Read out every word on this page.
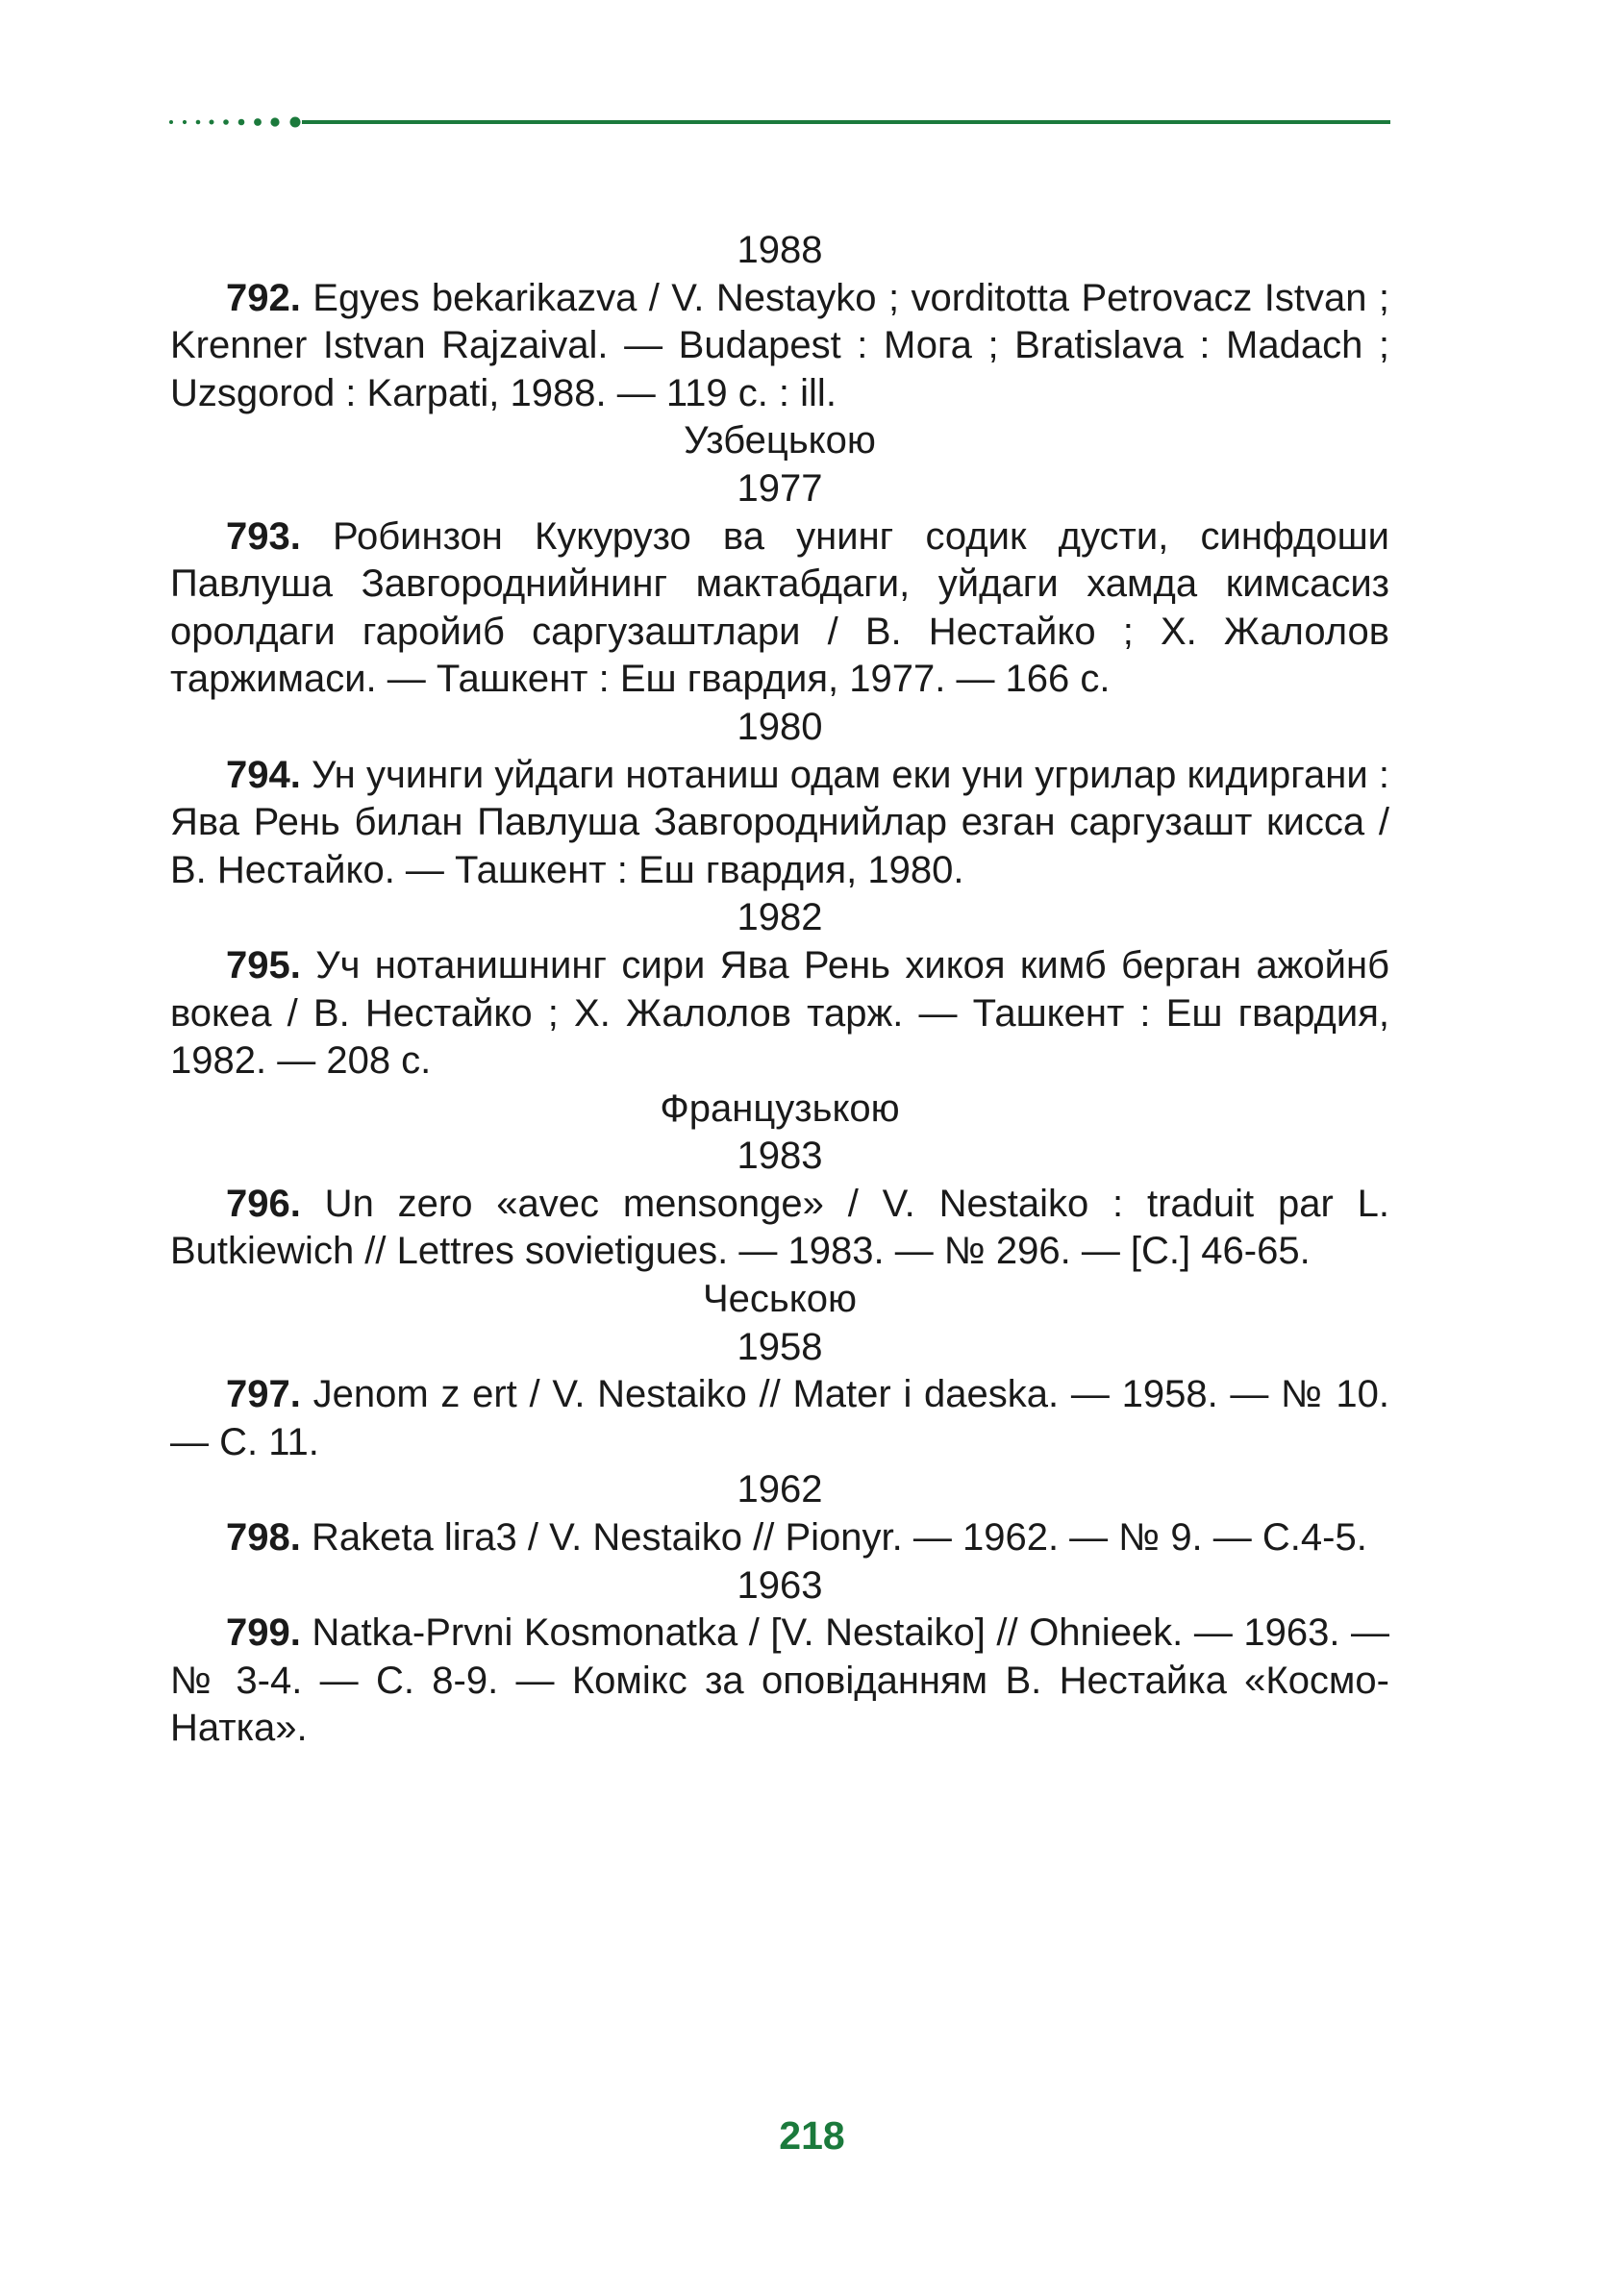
1988
792. Egyes bekarikazva / V. Nestayko ; vorditotta Petrovacz Istvan ; Krenner Istvan Rajzaival. — Вudapest : Мога ; Bratislava : Madach ; Uzsgorod : Karpati, 1988. — 119 с. : ill.
Узбецькою
1977
793. Робинзон Кукурузо ва унинг содик дусти, синфдоши Павлуша Завгороднийнинг мактабдаги, уйдаги хамда кимсасиз оролдаги гаройиб саргузаштлари / В. Нестайко ; Х. Жалолов таржимаси. — Ташкент : Еш гвардия, 1977. — 166 с.
1980
794. Ун учинги уйдаги нотаниш одам еки уни угрилар кидиргани : Ява Рень билан Павлуша Завгороднийлар езган саргузашт кисса / В. Нестайко. — Ташкент : Еш гвардия, 1980.
1982
795. Уч нотанишнинг сири Ява Рень хикоя кимб берган ажойнб вокеа / В. Нестайко ; Х. Жалолов тарж. — Ташкент : Еш гвардия, 1982. — 208 с.
Французькою
1983
796. Un zero «avec mensonge» / V. Nestaiko : traduit par L. Butkiewich // Lettres sovietigues. — 1983. — № 296. — [С.] 46-65.
Чеською
1958
797. Jenom z ert / V. Nestaiko // Mater i daeska. — 1958. — № 10. — С. 11.
1962
798. Raketa liга3 / V. Nestaiko // Pionyr. — 1962. — № 9. — С.4-5.
1963
799. Natka-Prvni Kosmonatka / [V. Nestaiko] // Ohnieek. — 1963. — № 3-4. — С. 8-9. — Комікс за оповіданням В. Нестайка «Космо-Натка».
218
